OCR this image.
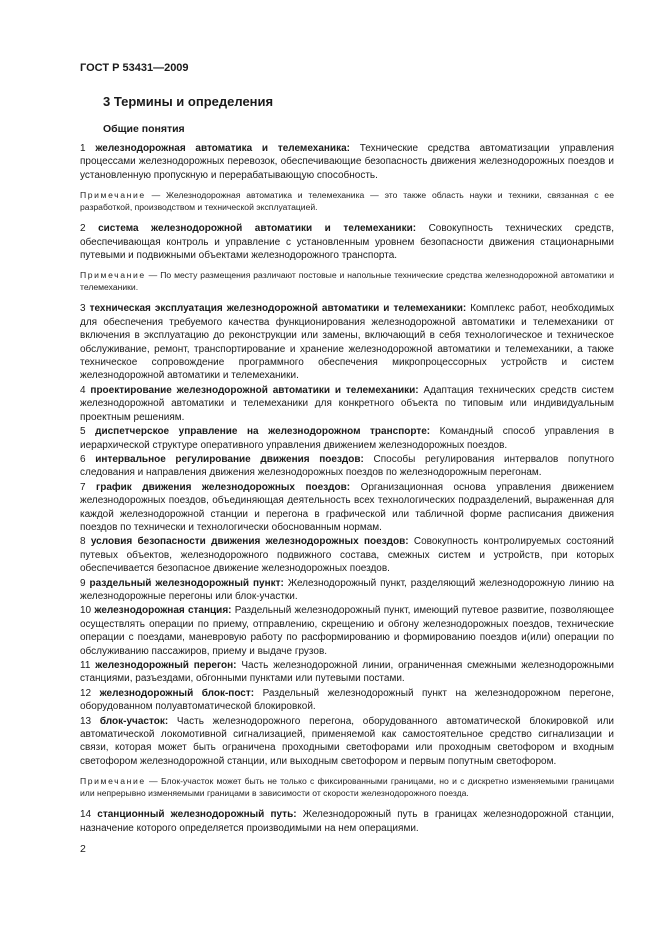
ГОСТ Р 53431—2009
3 Термины и определения
Общие понятия

1 железнодорожная автоматика и телемеханика: Технические средства автоматизации управления процессами железнодорожных перевозок, обеспечивающие безопасность движения железнодорожных поездов и установленную пропускную и перерабатывающую способность.

Примечание — Железнодорожная автоматика и телемеханика — это также область науки и техники, связанная с ее разработкой, производством и технической эксплуатацией.

2 система железнодорожной автоматики и телемеханики: Совокупность технических средств, обеспечивающая контроль и управление с установленным уровнем безопасности движения стационарными путевыми и подвижными объектами железнодорожного транспорта.

Примечание — По месту размещения различают постовые и напольные технические средства железнодорожной автоматики и телемеханики.

3 техническая эксплуатация железнодорожной автоматики и телемеханики: Комплекс работ, необходимых для обеспечения требуемого качества функционирования железнодорожной автоматики и телемеханики от включения в эксплуатацию до реконструкции или замены, включающий в себя технологическое и техническое обслуживание, ремонт, транспортирование и хранение железнодорожной автоматики и телемеханики, а также техническое сопровождение программного обеспечения микропроцессорных устройств и систем железнодорожной автоматики и телемеханики.

4 проектирование железнодорожной автоматики и телемеханики: Адаптация технических средств систем железнодорожной автоматики и телемеханики для конкретного объекта по типовым или индивидуальным проектным решениям.

5 диспетчерское управление на железнодорожном транспорте: Командный способ управления в иерархической структуре оперативного управления движением железнодорожных поездов.

6 интервальное регулирование движения поездов: Способы регулирования интервалов попутного следования и направления движения железнодорожных поездов по железнодорожным перегонам.

7 график движения железнодорожных поездов: Организационная основа управления движением железнодорожных поездов, объединяющая деятельность всех технологических подразделений, выраженная для каждой железнодорожной станции и перегона в графической или табличной форме расписания движения поездов по технически и технологически обоснованным нормам.

8 условия безопасности движения железнодорожных поездов: Совокупность контролируемых состояний путевых объектов, железнодорожного подвижного состава, смежных систем и устройств, при которых обеспечивается безопасное движение железнодорожных поездов.

9 раздельный железнодорожный пункт: Железнодорожный пункт, разделяющий железнодорожную линию на железнодорожные перегоны или блок-участки.

10 железнодорожная станция: Раздельный железнодорожный пункт, имеющий путевое развитие, позволяющее осуществлять операции по приему, отправлению, скрещению и обгону железнодорожных поездов, технические операции с поездами, маневровую работу по расформированию и формированию поездов и(или) операции по обслуживанию пассажиров, приему и выдаче грузов.

11 железнодорожный перегон: Часть железнодорожной линии, ограниченная смежными железнодорожными станциями, разъездами, обгонными пунктами или путевыми постами.

12 железнодорожный блок-пост: Раздельный железнодорожный пункт на железнодорожном перегоне, оборудованном полуавтоматической блокировкой.

13 блок-участок: Часть железнодорожного перегона, оборудованного автоматической блокировкой или автоматической локомотивной сигнализацией, применяемой как самостоятельное средство сигнализации и связи, которая может быть ограничена проходными светофорами или проходным светофором и входным светофором железнодорожной станции, или выходным светофором и первым попутным светофором.

Примечание — Блок-участок может быть не только с фиксированными границами, но и с дискретно изменяемыми границами или непрерывно изменяемыми границами в зависимости от скорости железнодорожного поезда.

14 станционный железнодорожный путь: Железнодорожный путь в границах железнодорожной станции, назначение которого определяется производимыми на нем операциями.

2
